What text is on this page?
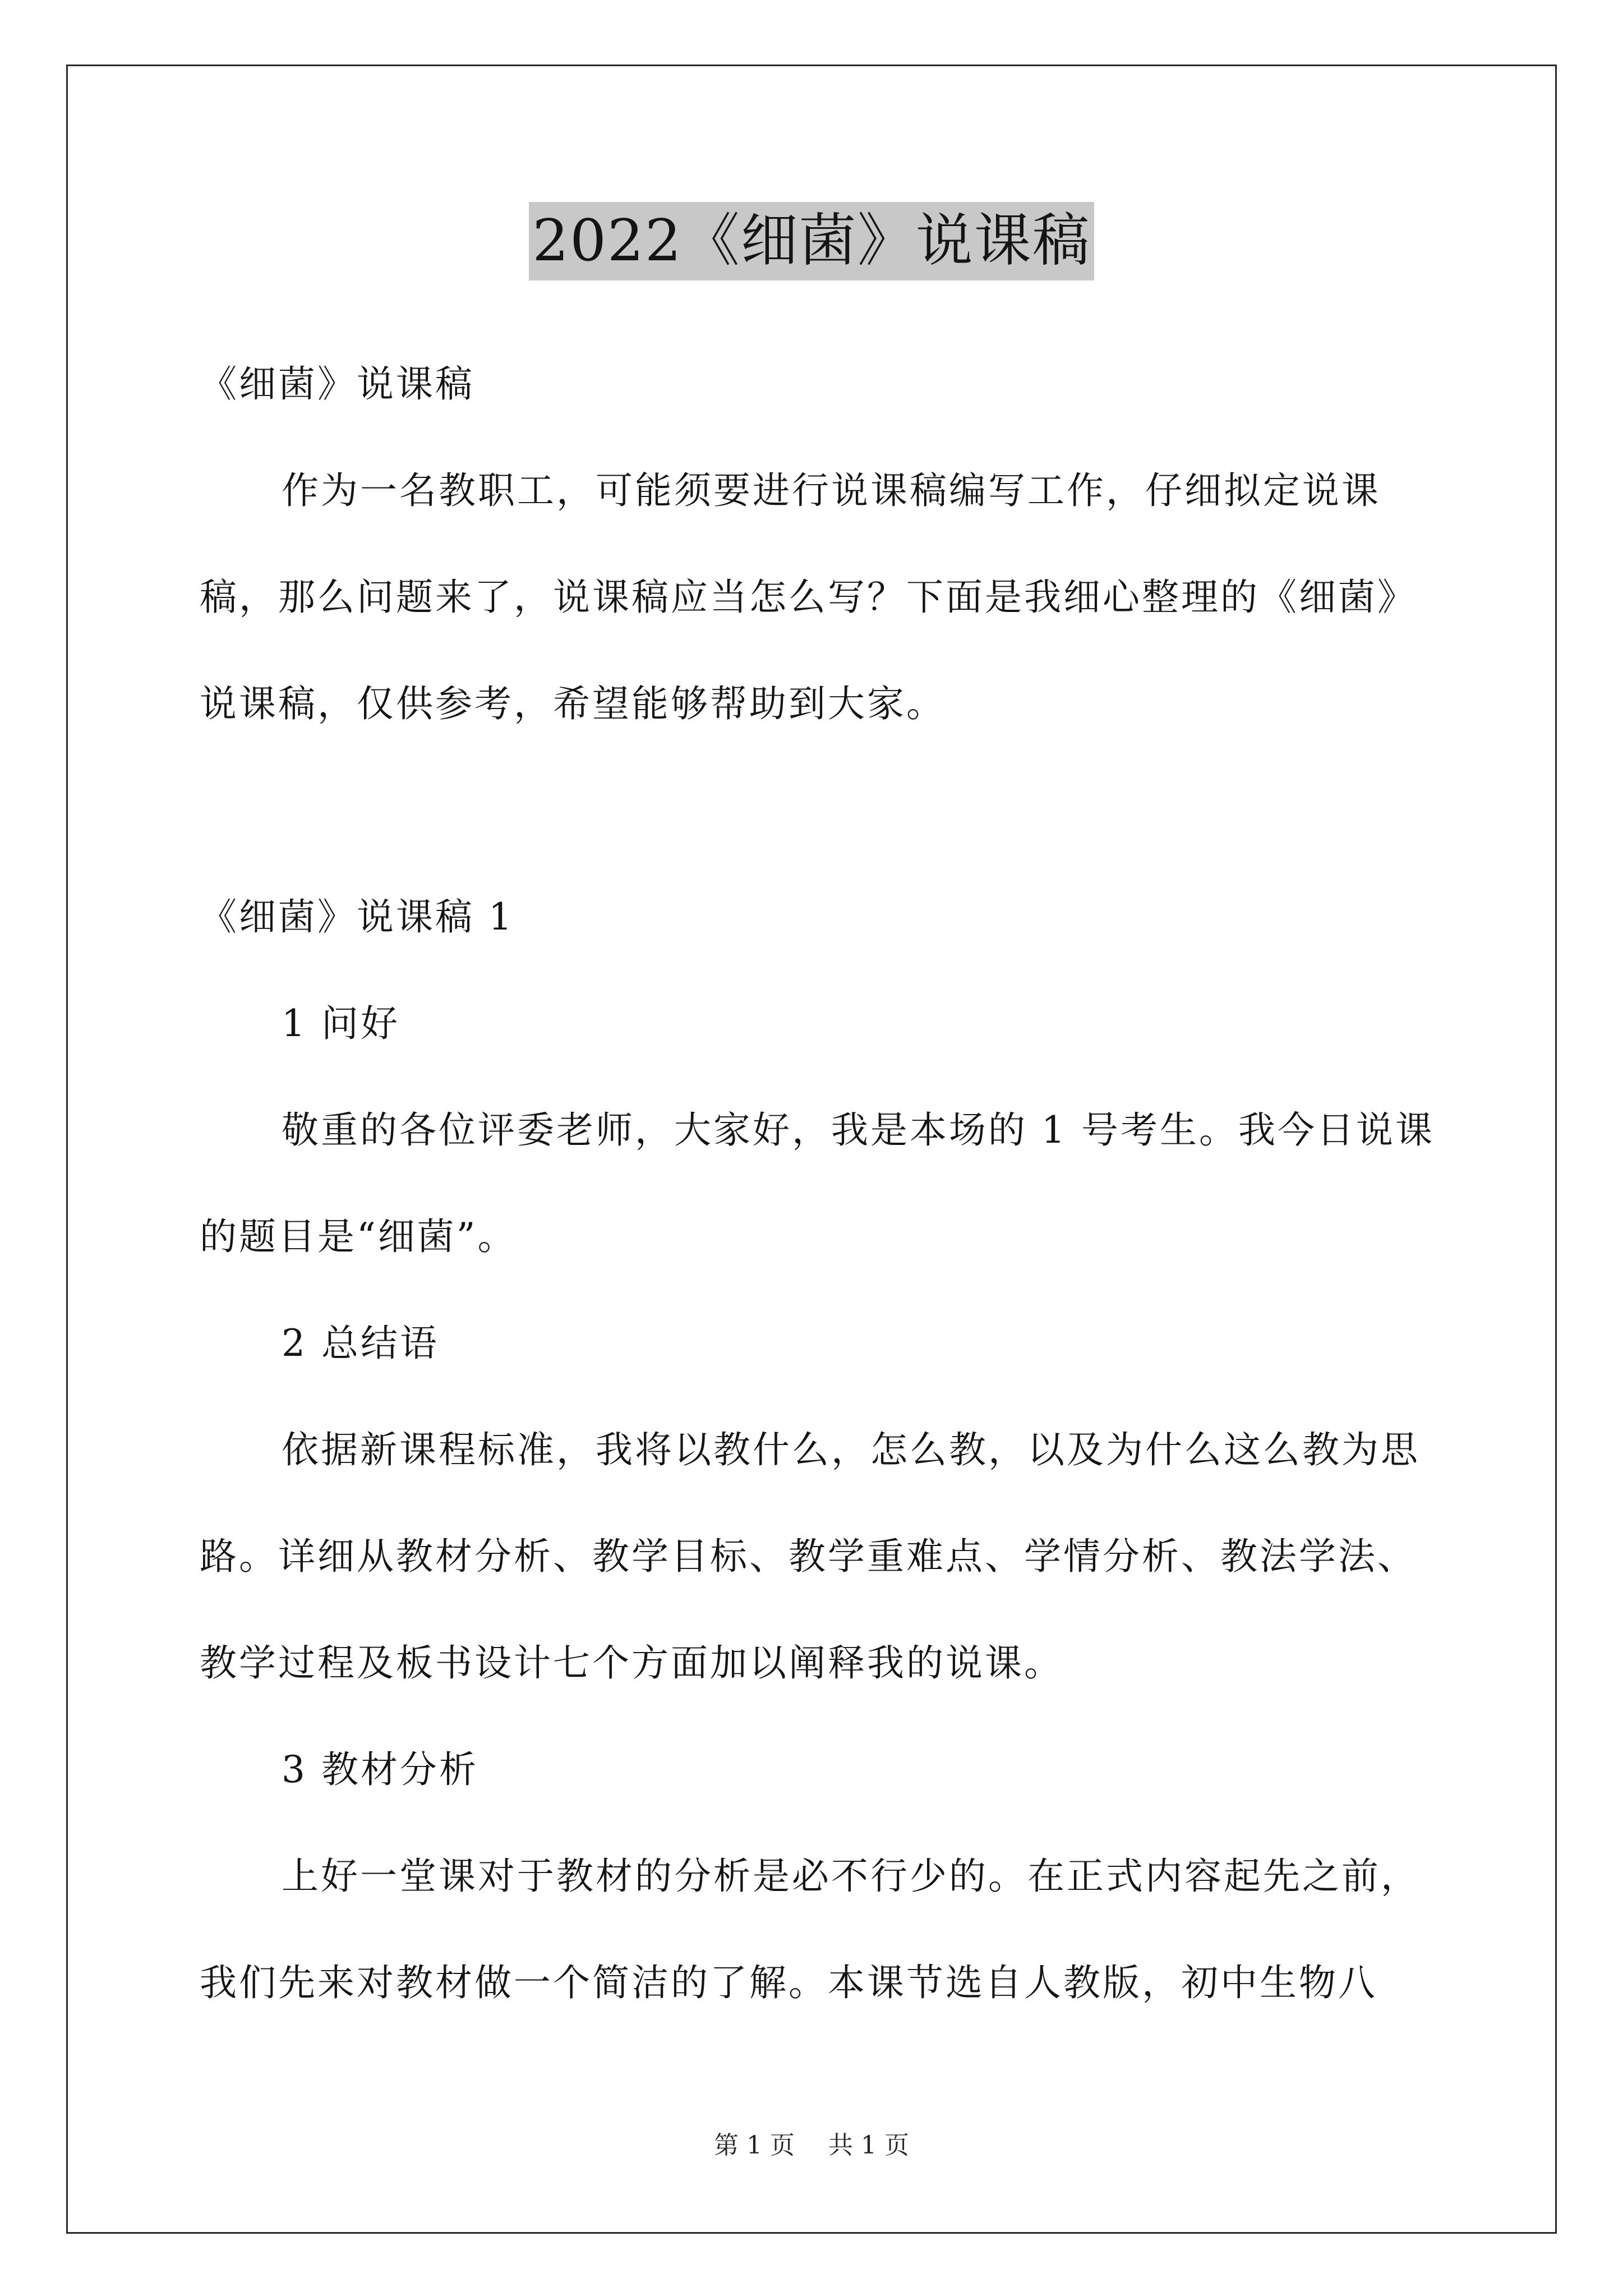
2022《细菌》说课稿

《细菌》说课稿

作为一名教职工，可能须要进行说课稿编写工作，仔细拟定说课稿，那么问题来了，说课稿应当怎么写？下面是我细心整理的《细菌》说课稿，仅供参考，希望能够帮助到大家。

《细菌》说课稿 1

1 问好

敬重的各位评委老师，大家好，我是本场的 1 号考生。我今日说课的题目是“细菌”。

2 总结语

依据新课程标准，我将以教什么，怎么教，以及为什么这么教为思路。详细从教材分析、教学目标、教学重难点、学情分析、教法学法、教学过程及板书设计七个方面加以阐释我的说课。

3 教材分析

上好一堂课对于教材的分析是必不行少的。在正式内容起先之前，我们先来对教材做一个简洁的了解。本课节选自人教版，初中生物八

第 1 页 共 1 页
